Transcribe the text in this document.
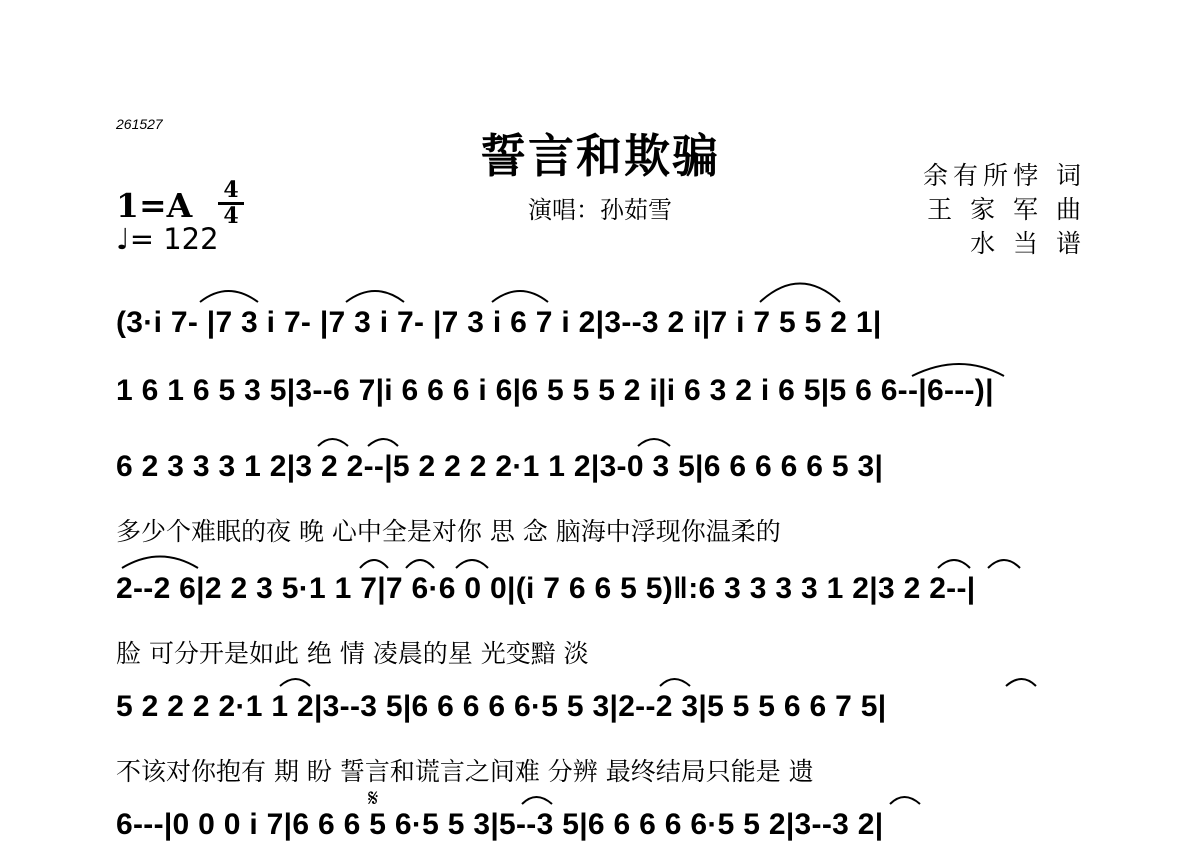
261527
誓言和欺骗
演唱：孙茹雪
余有所悖 词
王 家 军 曲
水 当 谱
1=A 4
4
♩= 122
(3·i 7- |7 3 i 7- |7 3 i 7- |7 3 i 6 7 i 2|3--3 2 i|7 i 7 5 5 2 1|
1 6 1 6 5 3 5|3--6 7|i 6 6 6 i 6|6 5 5 5 2 i|i 6 3 2 i 6 5|5 6 6--|6---)|
6 2 3 3 3 1 2|3 2 2--|5 2 2 2 2·1 1 2|3-0 3 5|6 6 6 6 6 5 3|
多少个难眠的夜 晚 心中全是对你 思 念 脑海中浮现你温柔的
2--2 6|2 2 3 5·1 1 7|7 6·6 0 0|(i 7 6 6 5 5)‖:6 3 3 3 3 1 2|3 2 2--|
脸 可分开是如此 绝 情 凌晨的星 光变黯 淡
5 2 2 2 2·1 1 2|3--3 5|6 6 6 6 6·5 5 3|2--2 3|5 5 5 6 6 7 5|
不该对你抱有 期 盼 誓言和谎言之间难 分辨 最终结局只能是 遗
6---|0 0 0 i 7|6 6 6 5 6·5 5 3|5--3 5|6 6 6 6 6·5 5 2|3--3 2|
𝄋
